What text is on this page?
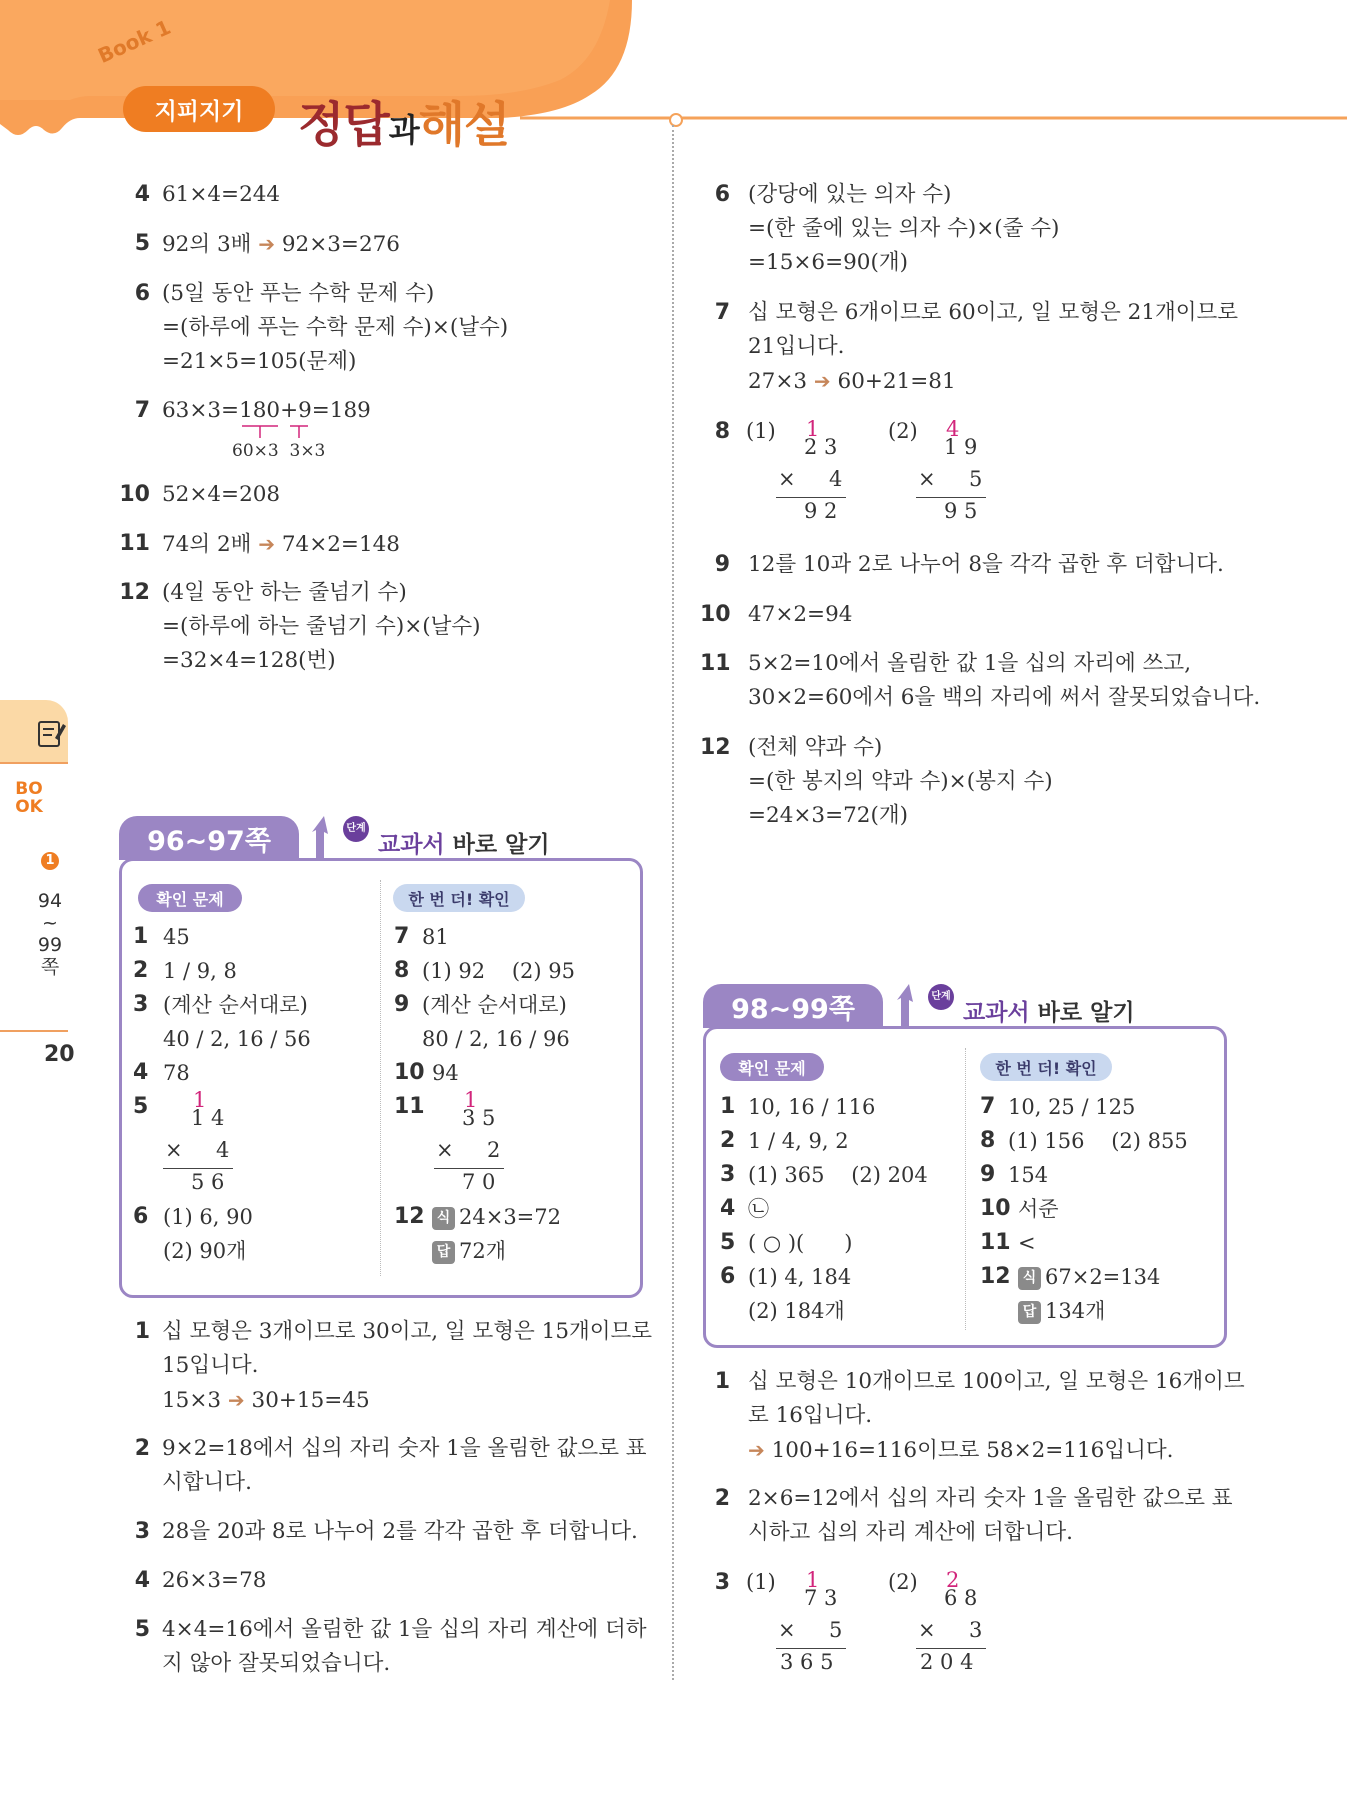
Book 1
지피지기	정답과해설
BOOK
1
94
~
99
쪽
20
4 61×4=244
5 92의 3배 ➔ 92×3=276
6 (5일 동안 푸는 수학 문제 수)
=(하루에 푸는 수학 문제 수)×(날수)
=21×5=105(문제)
7 63×3=180+9=189
60×3  3×3
10 52×4=208
11 74의 2배 ➔ 74×2=148
12 (4일 동안 하는 줄넘기 수)
=(하루에 하는 줄넘기 수)×(날수)
=32×4=128(번)
96~97쪽	단계
교과서 바로 알기
확인 문제	한 번 더! 확인
1 45
2 1 / 9, 8
3 (계산 순서대로)
40 / 2, 16 / 56
4 78
5 1
1 4
×     4
5 6
6 (1) 6, 90
(2) 90개
7 81
8 (1) 92    (2) 95
9 (계산 순서대로)
80 / 2, 16 / 96
10 94
11 1
3 5
×     2
7 0
12 식 24×3=72
답 72개
1 십 모형은 3개이므로 30이고, 일 모형은 15개이므로
15입니다.
15×3 ➔ 30+15=45
2 9×2=18에서 십의 자리 숫자 1을 올림한 값으로 표
시합니다.
3 28을 20과 8로 나누어 2를 각각 곱한 후 더합니다.
4 26×3=78
5 4×4=16에서 올림한 값 1을 십의 자리 계산에 더하
지 않아 잘못되었습니다.
6 (강당에 있는 의자 수)
=(한 줄에 있는 의자 수)×(줄 수)
=15×6=90(개)
7 십 모형은 6개이므로 60이고, 일 모형은 21개이므로
21입니다.
27×3 ➔ 60+21=81
8 (1) 1
2 3
×     4
9 2
(2) 4
1 9
×     5
9 5
9 12를 10과 2로 나누어 8을 각각 곱한 후 더합니다.
10 47×2=94
11 5×2=10에서 올림한 값 1을 십의 자리에 쓰고,
30×2=60에서 6을 백의 자리에 써서 잘못되었습니다.
12 (전체 약과 수)
=(한 봉지의 약과 수)×(봉지 수)
=24×3=72(개)
98~99쪽	단계
교과서 바로 알기
확인 문제	한 번 더! 확인
1 10, 16 / 116
2 1 / 4, 9, 2
3 (1) 365    (2) 204
4 ㉡
5 ( ○ )(      )
6 (1) 4, 184
(2) 184개
7 10, 25 / 125
8 (1) 156    (2) 855
9 154
10 서준
11 <
12 식 67×2=134
답 134개
1 십 모형은 10개이므로 100이고, 일 모형은 16개이므
로 16입니다.
➔ 100+16=116이므로 58×2=116입니다.
2 2×6=12에서 십의 자리 숫자 1을 올림한 값으로 표
시하고 십의 자리 계산에 더합니다.
3 (1) 1
7 3
×     5
3 6 5
(2) 2
6 8
×     3
2 0 4
